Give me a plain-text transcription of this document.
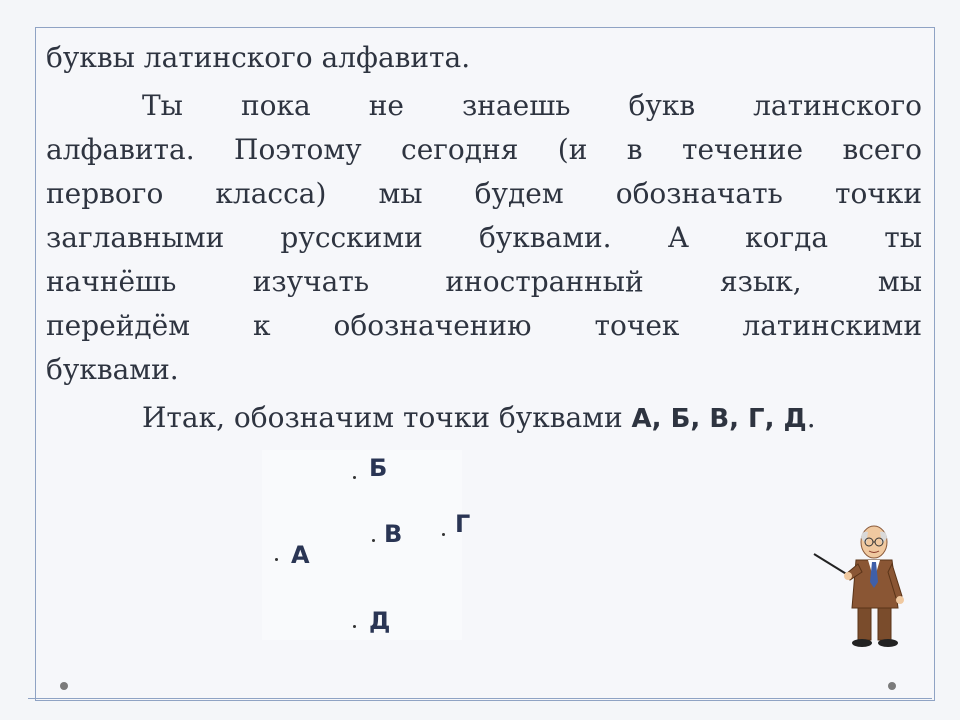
буквы латинского алфавита.

Ты пока не знаешь букв латинского

алфавита. Поэтому сегодня (и в течение всего

первого класса) мы будем обозначать точки

заглавными русскими буквами. А когда ты

начнёшь изучать иностранный язык, мы

перейдём к обозначению точек латинскими

буквами.

Итак, обозначим точки буквами А, Б, В, Г, Д.

Б
В Г
А
Д
